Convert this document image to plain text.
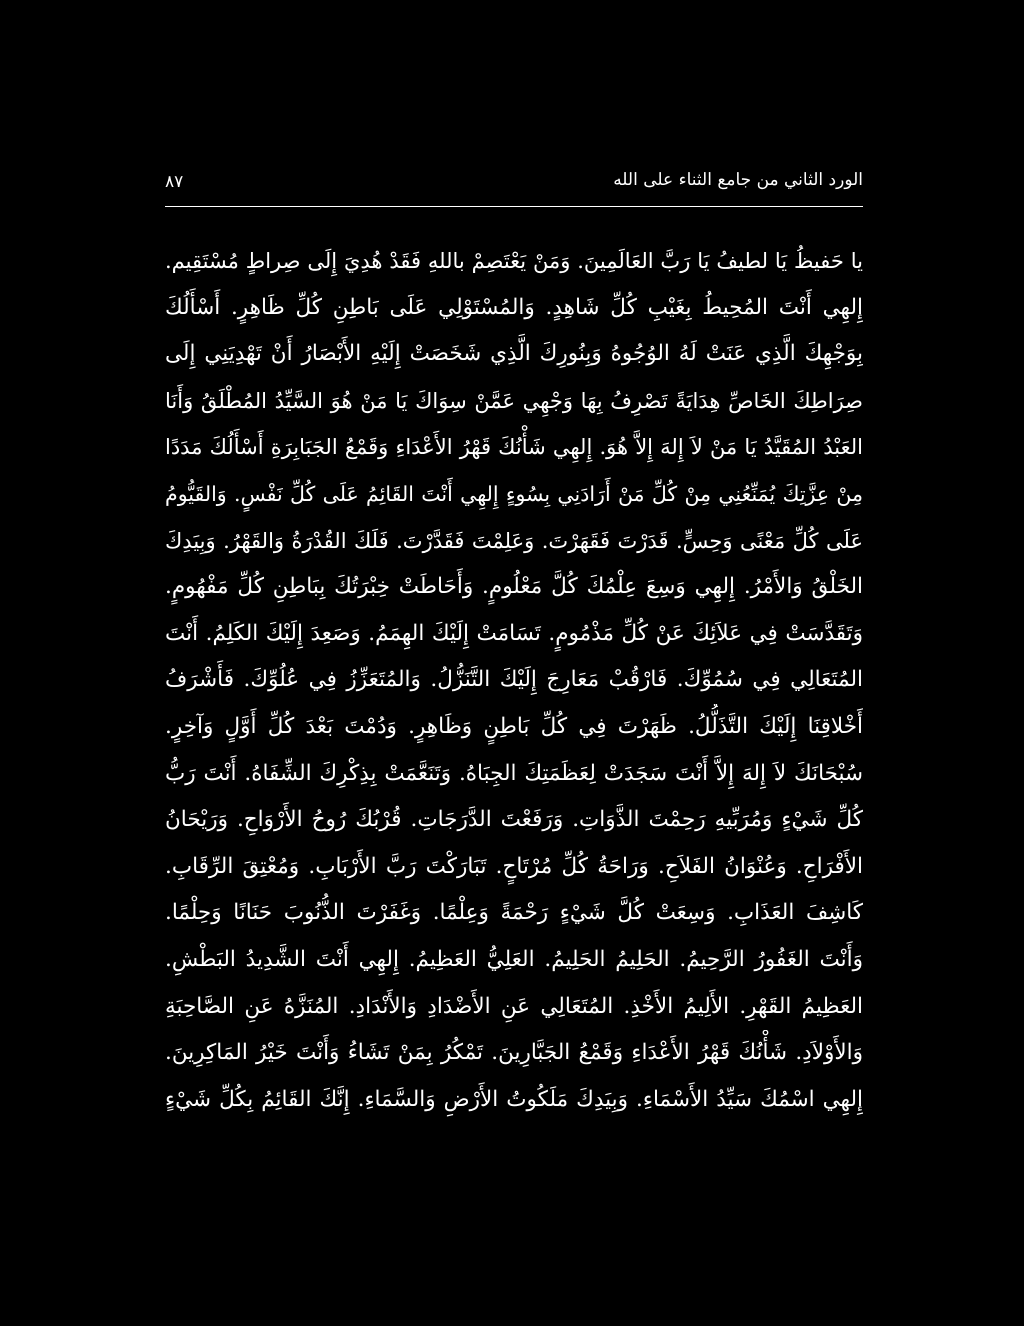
٨٧	الورد الثاني من جامع الثناء على الله
يا حَفيظُ يَا لطيفُ يَا رَبَّ العَالَمِينَ. وَمَنْ يَعْتَصِمْ باللهِ فَقَدْ هُدِيَ إِلَى صِراطٍ مُسْتَقِيم.
إِلهِي أَنْتَ المُحِيطُ بِغَيْبِ كُلِّ شَاهِدٍ. وَالمُسْتَوْلِي عَلَى بَاطِنِ كُلِّ ظَاهِرٍ. أَسْأَلُكَ
بِوَجْهِكَ الَّذِي عَنَتْ لَهُ الوُجُوهُ وَبِنُورِكَ الَّذِي شَخَصَتْ إِلَيْهِ الأَبْصَارُ أَنْ تَهْدِيَنِي إِلَى
صِرَاطِكَ الخَاصِّ هِدَايَةً تَصْرِفُ بِهَا وَجْهِي عَمَّنْ سِوَاكَ يَا مَنْ هُوَ السَّيِّدُ المُطْلَقُ وَأَنَا
العَبْدُ المُقَيَّدُ يَا مَنْ لاَ إِلهَ إِلاَّ هُوَ. إِلهِي شَأْنُكَ قَهْرُ الأَعْدَاءِ وَقَمْعُ الجَبَابِرَةِ أَسْأَلُكَ مَدَدًا
مِنْ عِزَّتِكَ يُمَنِّعُنِي مِنْ كُلِّ مَنْ أَرَادَنِي بِسُوءٍ إِلهِي أَنْتَ القَائِمُ عَلَى كُلِّ نَفْسٍ. وَالقَيُّومُ
عَلَى كُلِّ مَعْنًى وَحِسٍّ. قَدَرْتَ فَقَهَرْتَ. وَعَلِمْتَ فَقَدَّرْتَ. فَلَكَ القُدْرَةُ وَالقَهْرُ. وَبِيَدِكَ
الخَلْقُ وَالأَمْرُ. إِلهِي وَسِعَ عِلْمُكَ كُلَّ مَعْلُومٍ. وَأَحَاطَتْ خِبْرَتُكَ بِبَاطِنِ كُلِّ مَفْهُومٍ.
وَتَقَدَّسَتْ فِي عَلاَئِكَ عَنْ كُلِّ مَذْمُومٍ. تَسَامَتْ إِلَيْكَ الهِمَمُ. وَصَعِدَ إِلَيْكَ الكَلِمُ. أَنْتَ
المُتَعَالِي فِي سُمُوِّكَ. فَارْقُبْ مَعَارِجَ إِلَيْكَ التَّنَزُّلُ. وَالمُتَعَزِّزُ فِي عُلُوِّكَ. فَأَشْرَفُ
أَخْلاقِنَا إِلَيْكَ التَّذَلُّلُ. ظَهَرْتَ فِي كُلِّ بَاطِنٍ وَظَاهِرٍ. وَدُمْتَ بَعْدَ كُلِّ أَوَّلٍ وَآخِرٍ.
سُبْحَانَكَ لاَ إِلهَ إِلاَّ أَنْتَ سَجَدَتْ لِعَظَمَتِكَ الجِبَاهُ. وَتَنَعَّمَتْ بِذِكْرِكَ الشِّفَاهُ. أَنْتَ رَبُّ
كُلِّ شَيْءٍ وَمُرَبِّيهِ رَحِمْتَ الذَّوَاتِ. وَرَفَعْتَ الدَّرَجَاتِ. قُرْبُكَ رُوحُ الأَرْوَاحِ. وَرَيْحَانُ
الأَفْرَاحِ. وَعُنْوَانُ الفَلاَحِ. وَرَاحَةُ كُلِّ مُرْتَاحٍ. تَبَارَكْتَ رَبَّ الأَرْبَابِ. وَمُعْتِقَ الرِّقَابِ.
كَاشِفَ العَذَابِ. وَسِعَتْ كُلَّ شَيْءٍ رَحْمَةً وَعِلْمًا. وَغَفَرْتَ الذُّنُوبَ حَنَانًا وَحِلْمًا.
وَأَنْتَ الغَفُورُ الرَّحِيمُ. الحَلِيمُ الحَلِيمُ. العَلِيُّ العَظِيمُ. إِلهِي أَنْتَ الشَّدِيدُ البَطْشِ.
العَظِيمُ القَهْرِ. الأَلِيمُ الأَخْذِ. المُتَعَالِي عَنِ الأَضْدَادِ وَالأَنْدَادِ. المُنَزَّهُ عَنِ الصَّاحِبَةِ
وَالأَوْلاَدِ. شَأْنُكَ قَهْرُ الأَعْدَاءِ وَقَمْعُ الجَبَّارِينَ. تَمْكُرُ بِمَنْ تَشَاءُ وَأَنْتَ خَيْرُ المَاكِرِينَ.
إِلهِي اسْمُكَ سَيِّدُ الأَسْمَاءِ. وَبِيَدِكَ مَلَكُوتُ الأَرْضِ وَالسَّمَاءِ. إِنَّكَ القَائِمُ بِكُلِّ شَيْءٍ
